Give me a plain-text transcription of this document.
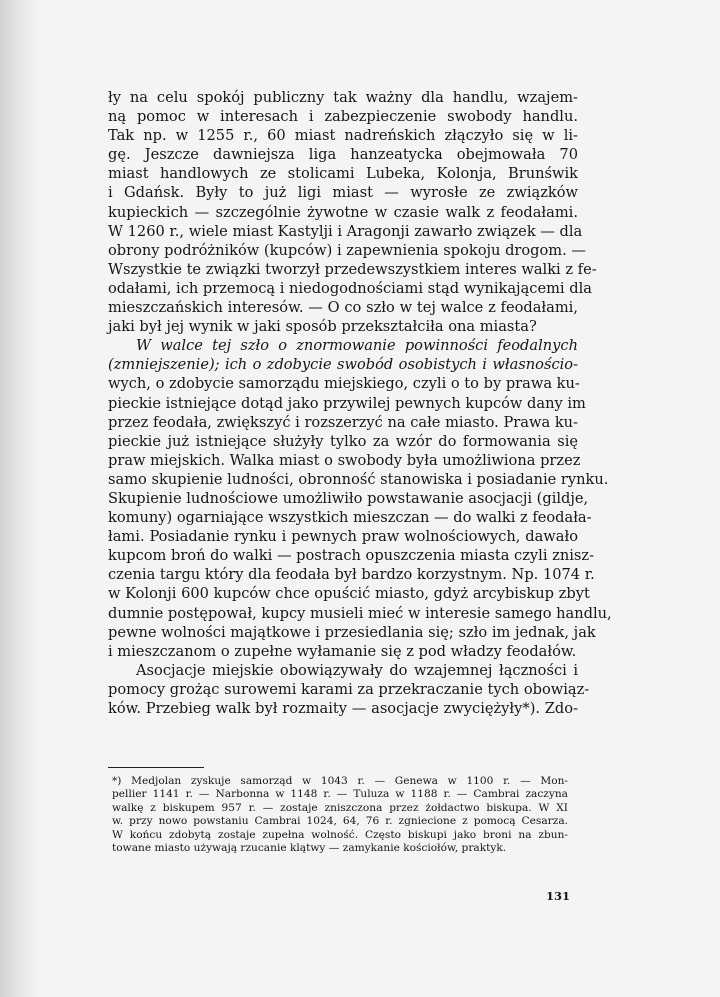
ły na celu spokój publiczny tak ważny dla handlu, wzajem-
ną pomoc w interesach i zabezpieczenie swobody handlu.
Tak np. w 1255 r., 60 miast nadreńskich złączyło się w li-
gę. Jeszcze dawniejsza liga hanzeatycka obejmowała 70
miast handlowych ze stolicami Lubeka, Kolonja, Brunświk
i Gdańsk. Były to już ligi miast — wyrosłe ze związków
kupieckich — szczególnie żywotne w czasie walk z feodałami.
W 1260 r., wiele miast Kastylji i Aragonji zawarło związek — dla
obrony podróżników (kupców) i zapewnienia spokoju drogom. —
Wszystkie te związki tworzył przedewszystkiem interes walki z fe-
odałami, ich przemocą i niedogodnościami stąd wynikającemi dla
mieszczańskich interesów. — O co szło w tej walce z feodałami,
jaki był jej wynik w jaki sposób przekształciła ona miasta?
W walce tej szło o znormowanie powinności feodalnych
(zmniejszenie); ich o zdobycie swobód osobistych i własnościo-
wych, o zdobycie samorządu miejskiego, czyli o to by prawa ku-
pieckie istniejące dotąd jako przywilej pewnych kupców dany im
przez feodała, zwiększyć i rozszerzyć na całe miasto. Prawa ku-
pieckie już istniejące służyły tylko za wzór do formowania się
praw miejskich. Walka miast o swobody była umożliwiona przez
samo skupienie ludności, obronność stanowiska i posiadanie rynku.
Skupienie ludnościowe umożliwiło powstawanie asocjacji (gildje,
komuny) ogarniające wszystkich mieszczan — do walki z feodała-
łami. Posiadanie rynku i pewnych praw wolnościowych, dawało
kupcom broń do walki — postrach opuszczenia miasta czyli znisz-
czenia targu który dla feodała był bardzo korzystnym. Np. 1074 r.
w Kolonji 600 kupców chce opuścić miasto, gdyż arcybiskup zbyt
dumnie postępował, kupcy musieli mieć w interesie samego handlu,
pewne wolności majątkowe i przesiedlania się; szło im jednak, jak
i mieszczanom o zupełne wyłamanie się z pod władzy feodałów.
Asocjacje miejskie obowiązywały do wzajemnej łączności i
pomocy grożąc surowemi karami za przekraczanie tych obowiąz-
ków. Przebieg walk był rozmaity — asocjacje zwyciężyły*). Zdo-
*) Medjolan zyskuje samorząd w 1043 r. — Genewa w 1100 r. — Mon-
pellier 1141 r. — Narbonna w 1148 r. — Tuluza w 1188 r. — Cambrai zaczyna
walkę z biskupem 957 r. — zostaje zniszczona przez żołdactwo biskupa. W XI
w. przy nowo powstaniu Cambrai 1024, 64, 76 r. zgniecione z pomocą Cesarza.
W końcu zdobytą zostaje zupełna wolność. Często biskupi jako broni na zbun-
towane miasto używają rzucanie klątwy — zamykanie kościołów, praktyk.
131
